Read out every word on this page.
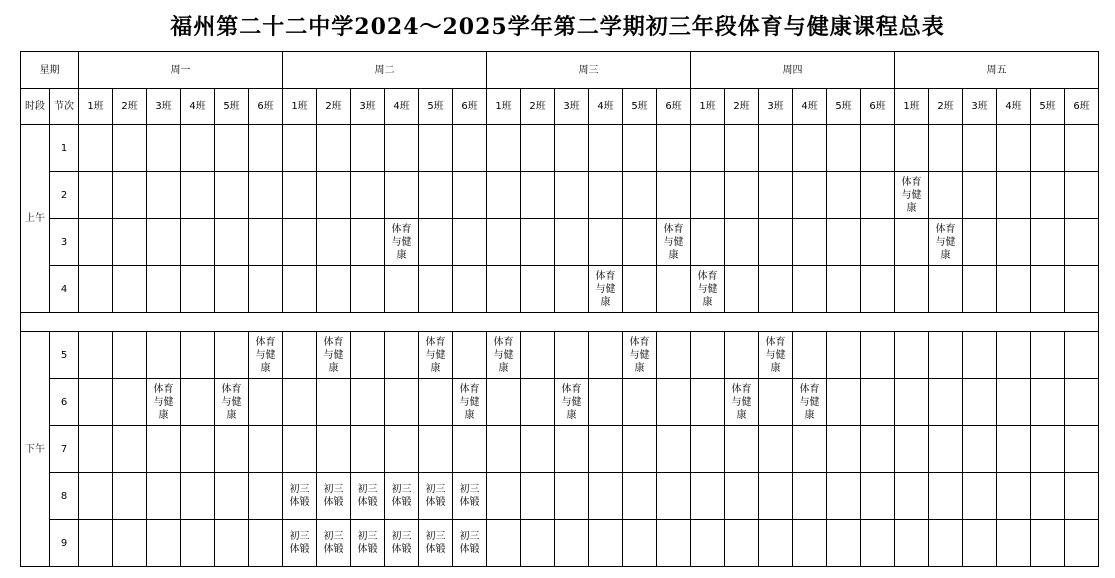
福州第二十二中学2024～2025学年第二学期初三年段体育与健康课程总表
星期		周一						周二						周三						周四						周五					
时段	节次	1班	2班	3班	4班	5班	6班	1班	2班	3班	4班	5班	6班	1班	2班	3班	4班	5班	6班	1班	2班	3班	4班	5班	6班	1班	2班	3班	4班	5班	6班
上午	1																														
	2																									体育与健康					
	3										体育与健康								体育与健康								体育与健康				
	4																体育与健康			体育与健康											

下午	5						体育与健康		体育与健康			体育与健康		体育与健康				体育与健康				体育与健康									
	6			体育与健康		体育与健康							体育与健康			体育与健康					体育与健康		体育与健康								
	7																														
	8							初三体锻	初三体锻	初三体锻	初三体锻	初三体锻	初三体锻																		
	9							初三体锻	初三体锻	初三体锻	初三体锻	初三体锻	初三体锻																		
